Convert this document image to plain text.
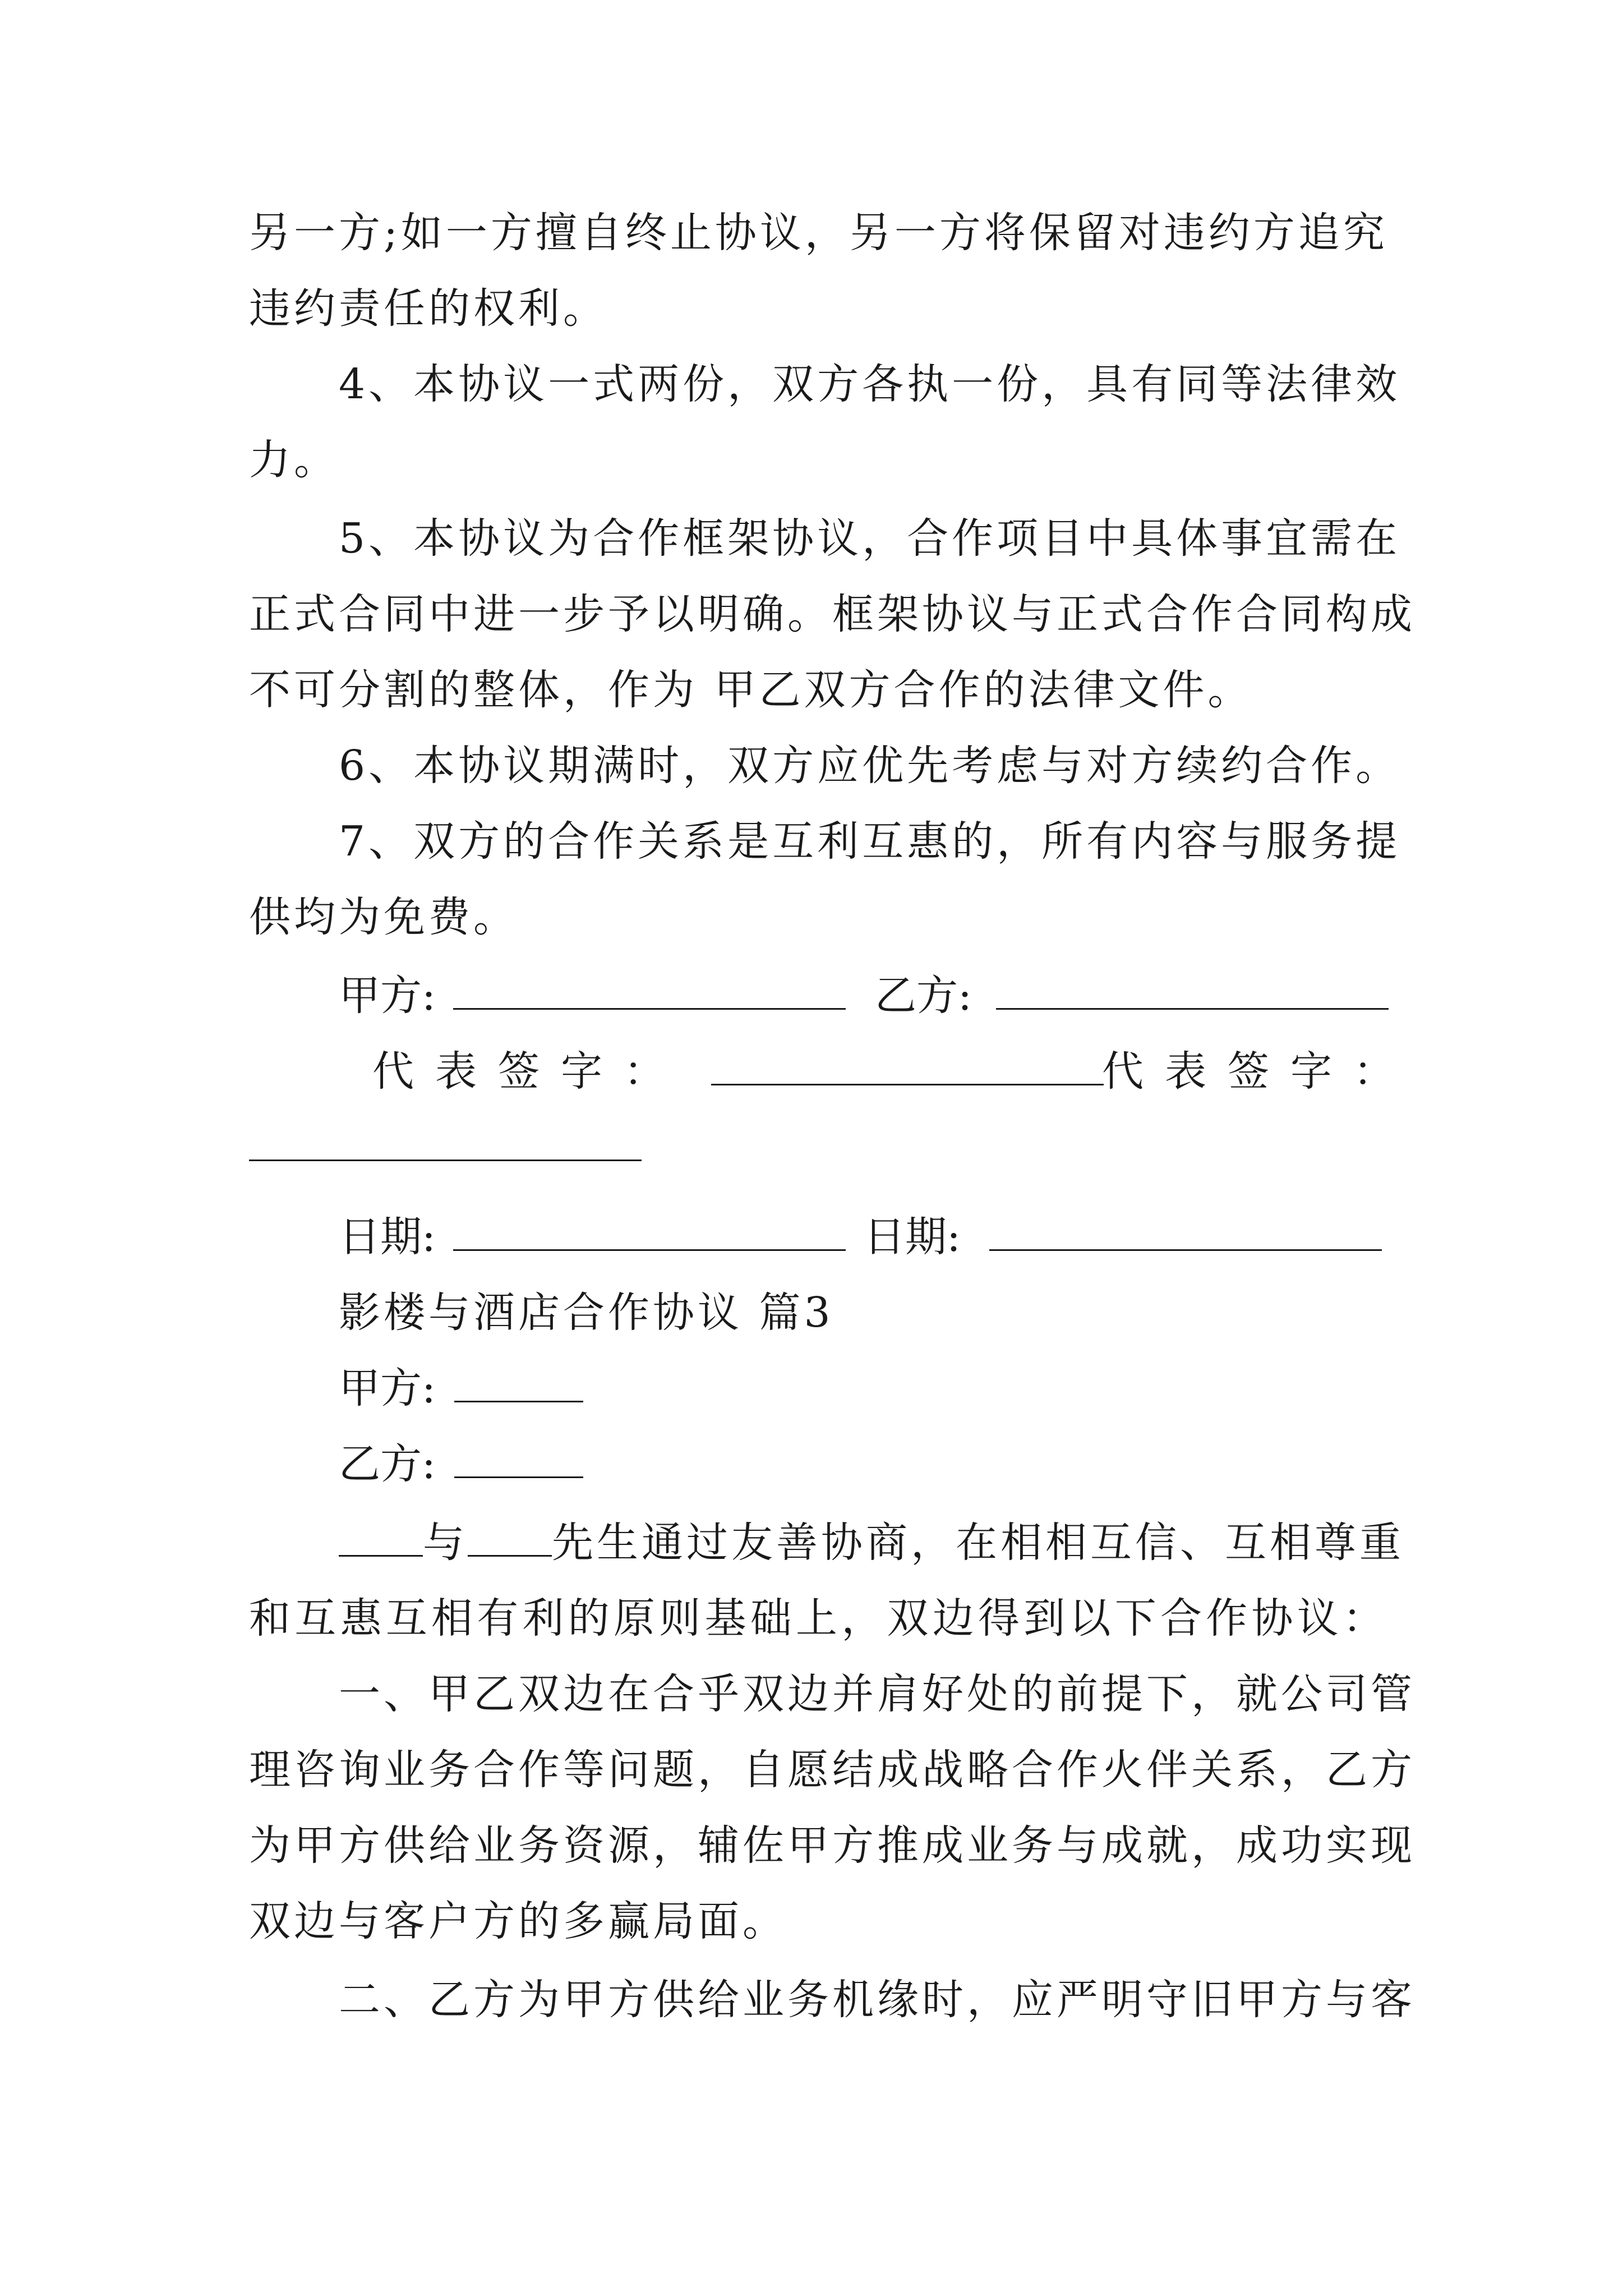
另一方;如一方擅自终止协议，另一方将保留对违约方追究
违约责任的权利。
4、本协议一式两份，双方各执一份，具有同等法律效
力。
5、本协议为合作框架协议，合作项目中具体事宜需在
正式合同中进一步予以明确。框架协议与正式合作合同构成
不可分割的整体，作为 甲乙双方合作的法律文件。
6、本协议期满时，双方应优先考虑与对方续约合作。
7、双方的合作关系是互利互惠的，所有内容与服务提
供均为免费。
甲方:	乙方:
代表签字：	代表签字：
日期:	日期:
影楼与酒店合作协议 篇3
甲方:
乙方:
与 先生通过友善协商，在相相互信、互相尊重
和互惠互相有利的原则基础上，双边得到以下合作协议：
一、甲乙双边在合乎双边并肩好处的前提下，就公司管
理咨询业务合作等问题，自愿结成战略合作火伴关系，乙方
为甲方供给业务资源，辅佐甲方推成业务与成就，成功实现
双边与客户方的多赢局面。
二、乙方为甲方供给业务机缘时，应严明守旧甲方与客
